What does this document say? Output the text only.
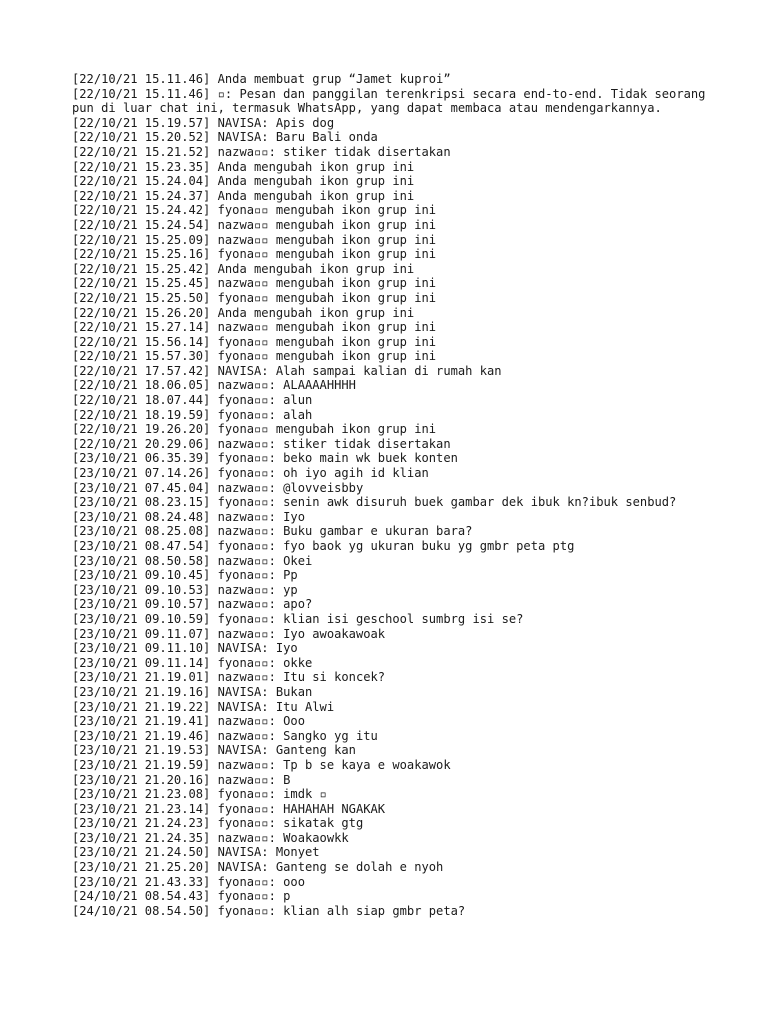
[22/10/21 15.11.46] Anda membuat grup “Jamet kuproi”
[22/10/21 15.11.46] ▫: Pesan dan panggilan terenkripsi secara end-to-end. Tidak seorang pun di luar chat ini, termasuk WhatsApp, yang dapat membaca atau mendengarkannya.
[22/10/21 15.19.57] NAVISA: Apis dog
[22/10/21 15.20.52] NAVISA: Baru Bali onda
[22/10/21 15.21.52] nazwa▫▫: stiker tidak disertakan
[22/10/21 15.23.35] Anda mengubah ikon grup ini
[22/10/21 15.24.04] Anda mengubah ikon grup ini
[22/10/21 15.24.37] Anda mengubah ikon grup ini
[22/10/21 15.24.42] fyona▫▫ mengubah ikon grup ini
[22/10/21 15.24.54] nazwa▫▫ mengubah ikon grup ini
[22/10/21 15.25.09] nazwa▫▫ mengubah ikon grup ini
[22/10/21 15.25.16] fyona▫▫ mengubah ikon grup ini
[22/10/21 15.25.42] Anda mengubah ikon grup ini
[22/10/21 15.25.45] nazwa▫▫ mengubah ikon grup ini
[22/10/21 15.25.50] fyona▫▫ mengubah ikon grup ini
[22/10/21 15.26.20] Anda mengubah ikon grup ini
[22/10/21 15.27.14] nazwa▫▫ mengubah ikon grup ini
[22/10/21 15.56.14] fyona▫▫ mengubah ikon grup ini
[22/10/21 15.57.30] fyona▫▫ mengubah ikon grup ini
[22/10/21 17.57.42] NAVISA: Alah sampai kalian di rumah kan
[22/10/21 18.06.05] nazwa▫▫: ALAAAAHHHH
[22/10/21 18.07.44] fyona▫▫: alun
[22/10/21 18.19.59] fyona▫▫: alah
[22/10/21 19.26.20] fyona▫▫ mengubah ikon grup ini
[22/10/21 20.29.06] nazwa▫▫: stiker tidak disertakan
[23/10/21 06.35.39] fyona▫▫: beko main wk buek konten
[23/10/21 07.14.26] fyona▫▫: oh iyo agih id klian
[23/10/21 07.45.04] nazwa▫▫: @lovveisbby
[23/10/21 08.23.15] fyona▫▫: senin awk disuruh buek gambar dek ibuk kn?ibuk senbud?
[23/10/21 08.24.48] nazwa▫▫: Iyo
[23/10/21 08.25.08] nazwa▫▫: Buku gambar e ukuran bara?
[23/10/21 08.47.54] fyona▫▫: fyo baok yg ukuran buku yg gmbr peta ptg
[23/10/21 08.50.58] nazwa▫▫: Okei
[23/10/21 09.10.45] fyona▫▫: Pp
[23/10/21 09.10.53] nazwa▫▫: yp
[23/10/21 09.10.57] nazwa▫▫: apo?
[23/10/21 09.10.59] fyona▫▫: klian isi geschool sumbrg isi se?
[23/10/21 09.11.07] nazwa▫▫: Iyo awoakawoak
[23/10/21 09.11.10] NAVISA: Iyo
[23/10/21 09.11.14] fyona▫▫: okke
[23/10/21 21.19.01] nazwa▫▫: Itu si koncek?
[23/10/21 21.19.16] NAVISA: Bukan
[23/10/21 21.19.22] NAVISA: Itu Alwi
[23/10/21 21.19.41] nazwa▫▫: Ooo
[23/10/21 21.19.46] nazwa▫▫: Sangko yg itu
[23/10/21 21.19.53] NAVISA: Ganteng kan
[23/10/21 21.19.59] nazwa▫▫: Tp b se kaya e woakawok
[23/10/21 21.20.16] nazwa▫▫: B
[23/10/21 21.23.08] fyona▫▫: imdk ▫
[23/10/21 21.23.14] fyona▫▫: HAHAHAH NGAKAK
[23/10/21 21.24.23] fyona▫▫: sikatak gtg
[23/10/21 21.24.35] nazwa▫▫: Woakaowkk
[23/10/21 21.24.50] NAVISA: Monyet
[23/10/21 21.25.20] NAVISA: Ganteng se dolah e nyoh
[23/10/21 21.43.33] fyona▫▫: ooo
[24/10/21 08.54.43] fyona▫▫: p
[24/10/21 08.54.50] fyona▫▫: klian alh siap gmbr peta?
